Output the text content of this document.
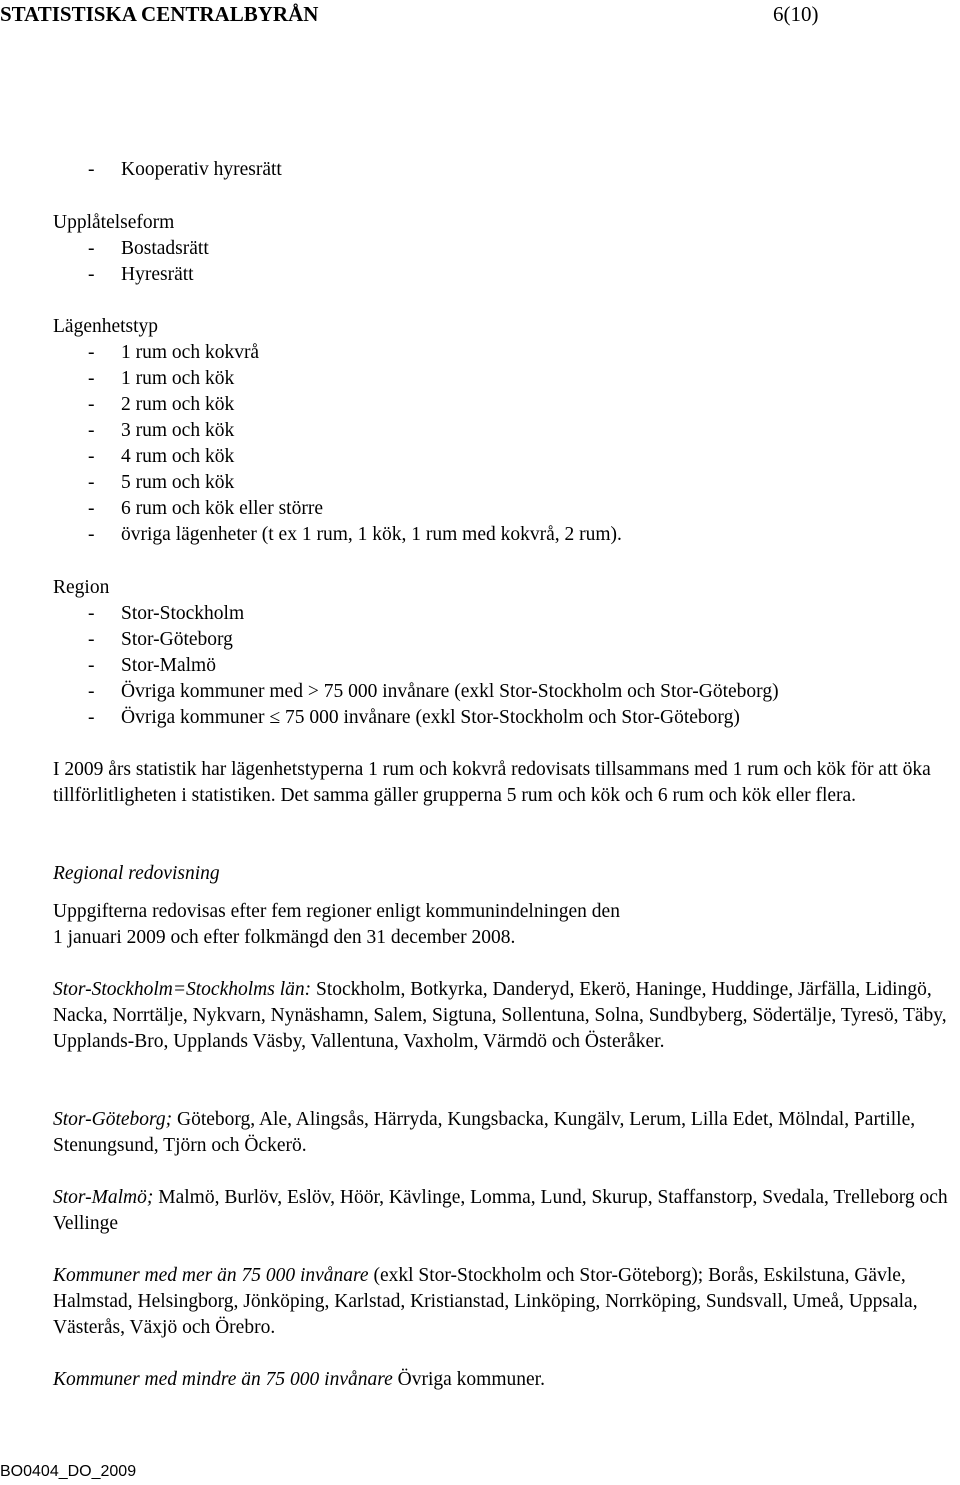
STATISTISKA CENTRALBYRÅN	6(10)
- Kooperativ hyresrätt
Upplåtelseform
- Bostadsrätt
- Hyresrätt
Lägenhetstyp
- 1 rum och kokvrå
- 1 rum och kök
- 2 rum och kök
- 3 rum och kök
- 4 rum och kök
- 5 rum och kök
- 6 rum och kök eller större
- övriga lägenheter (t ex 1 rum, 1 kök, 1 rum med kokvrå, 2 rum).
Region
- Stor-Stockholm
- Stor-Göteborg
- Stor-Malmö
- Övriga kommuner med > 75 000 invånare (exkl Stor-Stockholm och Stor-Göteborg)
- Övriga kommuner ≤ 75 000 invånare (exkl Stor-Stockholm och Stor-Göteborg)
I 2009 års statistik har lägenhetstyperna 1 rum och kokvrå redovisats tillsammans med 1 rum och kök för att öka tillförlitligheten i statistiken. Det samma gäller grupperna 5 rum och kök och 6 rum och kök eller flera.
Regional redovisning
Uppgifterna redovisas efter fem regioner enligt kommunindelningen den
1 januari 2009 och efter folkmängd den 31 december 2008.
Stor-Stockholm=Stockholms län: Stockholm, Botkyrka, Danderyd, Ekerö, Haninge, Huddinge, Järfälla, Lidingö, Nacka, Norrtälje, Nykvarn, Nynäshamn, Salem, Sigtuna, Sollentuna, Solna, Sundbyberg, Södertälje, Tyresö, Täby, Upplands-Bro, Upplands Väsby, Vallentuna, Vaxholm, Värmdö och Österåker.
Stor-Göteborg; Göteborg, Ale, Alingsås, Härryda, Kungsbacka, Kungälv, Lerum, Lilla Edet, Mölndal, Partille, Stenungsund, Tjörn och Öckerö.
Stor-Malmö; Malmö, Burlöv, Eslöv, Höör, Kävlinge, Lomma, Lund, Skurup, Staffanstorp, Svedala, Trelleborg och Vellinge
Kommuner med mer än 75 000 invånare (exkl Stor-Stockholm och Stor-Göteborg); Borås, Eskilstuna, Gävle, Halmstad, Helsingborg, Jönköping, Karlstad, Kristianstad, Linköping, Norrköping, Sundsvall, Umeå, Uppsala, Västerås, Växjö och Örebro.
Kommuner med mindre än 75 000 invånare Övriga kommuner.
BO0404_DO_2009
